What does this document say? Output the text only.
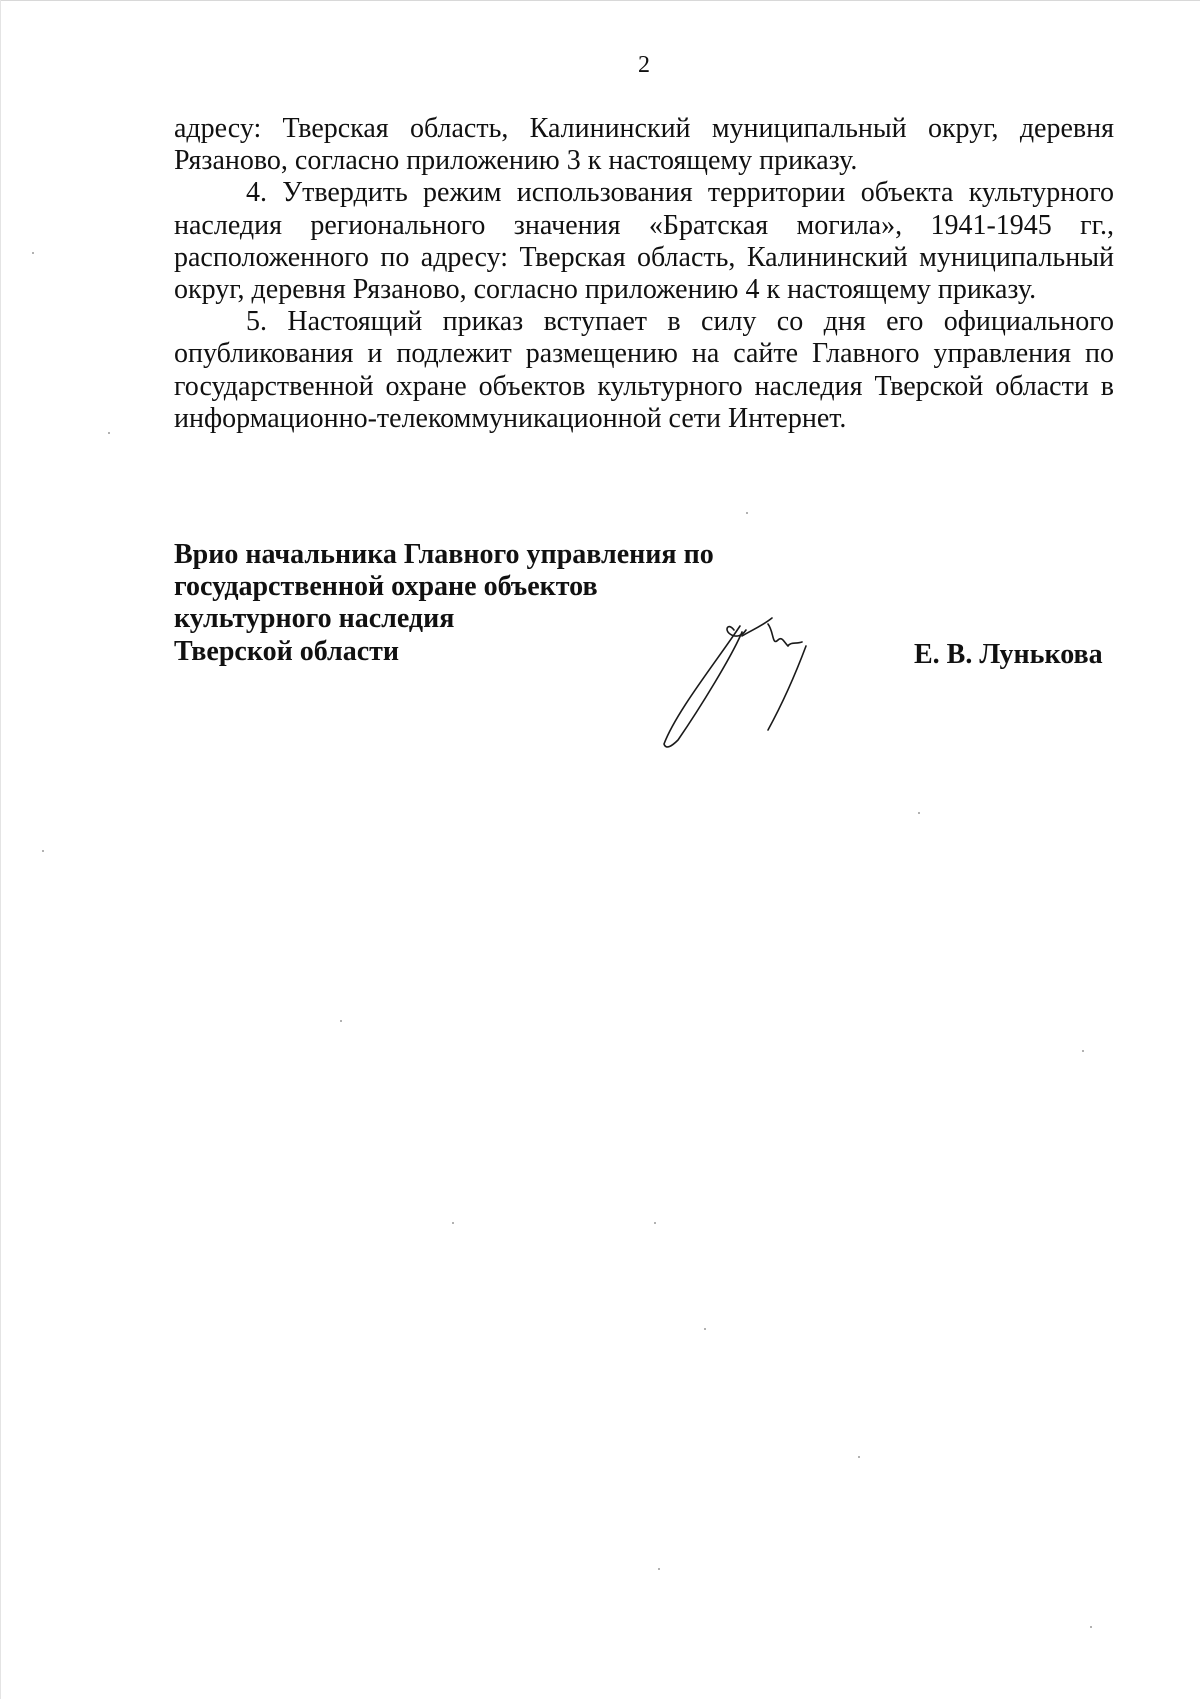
2

адресу: Тверская область, Калининский муниципальный округ, деревня Рязаново, согласно приложению 3 к настоящему приказу.

4. Утвердить режим использования территории объекта культурного наследия регионального значения «Братская могила», 1941-1945 гг., расположенного по адресу: Тверская область, Калининский муниципальный округ, деревня Рязаново, согласно приложению 4 к настоящему приказу.

5. Настоящий приказ вступает в силу со дня его официального опубликования и подлежит размещению на сайте Главного управления по государственной охране объектов культурного наследия Тверской области в информационно-телекоммуникационной сети Интернет.

Врио начальника Главного управления по
государственной охране объектов
культурного наследия
Тверской области	Е. В. Лунькова
